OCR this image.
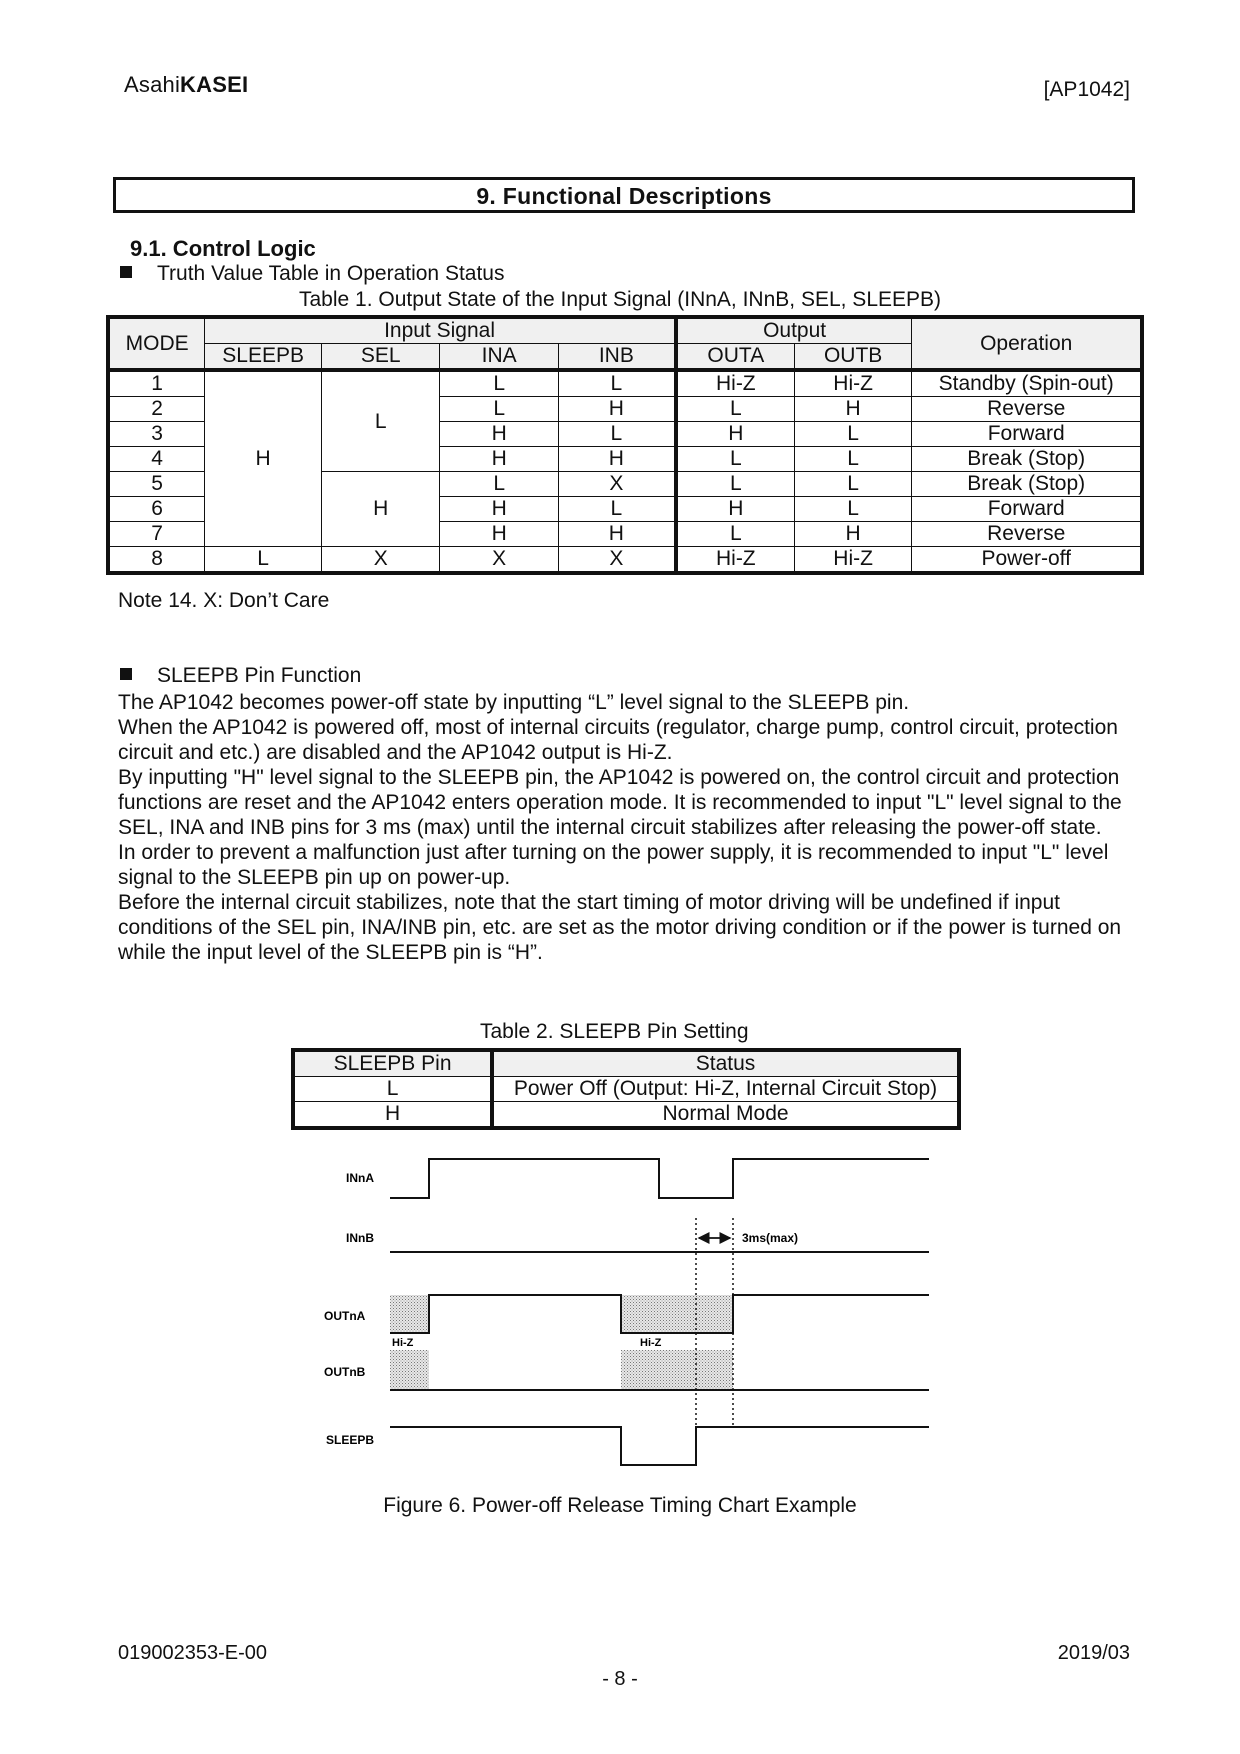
AsahiKASEI	[AP1042]
9. Functional Descriptions
9.1. Control Logic
Truth Value Table in Operation Status
Table 1. Output State of the Input Signal (INnA, INnB, SEL, SLEEPB)
MODE	Input Signal				Output		Operation
	SLEEPB	SEL	INA	INB	OUTA	OUTB	
1	H	L	L	L	Hi-Z	Hi-Z	Standby (Spin-out)
2			L	H	L	H	Reverse
3			H	L	H	L	Forward
4			H	H	L	L	Break (Stop)
5		H	L	X	L	L	Break (Stop)
6			H	L	H	L	Forward
7			H	H	L	H	Reverse
8	L	X	X	X	Hi-Z	Hi-Z	Power-off
Note 14. X: Don’t Care
SLEEPB Pin Function

The AP1042 becomes power-off state by inputting “L” level signal to the SLEEPB pin.

When the AP1042 is powered off, most of internal circuits (regulator, charge pump, control circuit, protection circuit and etc.) are disabled and the AP1042 output is Hi-Z.

By inputting "H" level signal to the SLEEPB pin, the AP1042 is powered on, the control circuit and protection functions are reset and the AP1042 enters operation mode. It is recommended to input "L" level signal to the SEL, INA and INB pins for 3 ms (max) until the internal circuit stabilizes after releasing the power-off state.

In order to prevent a malfunction just after turning on the power supply, it is recommended to input "L" level signal to the SLEEPB pin up on power-up.

Before the internal circuit stabilizes, note that the start timing of motor driving will be undefined if input conditions of the SEL pin, INA/INB pin, etc. are set as the motor driving condition or if the power is turned on while the input level of the SLEEPB pin is “H”.

Table 2. SLEEPB Pin Setting
SLEEPB Pin	Status
L	Power Off (Output: Hi-Z, Internal Circuit Stop)
H	Normal Mode
INnA
INnB
OUTnA
OUTnB
SLEEPB
Hi-Z	Hi-Z
3ms(max)
Figure 6. Power-off Release Timing Chart Example
019002353-E-00	2019/03
- 8 -
